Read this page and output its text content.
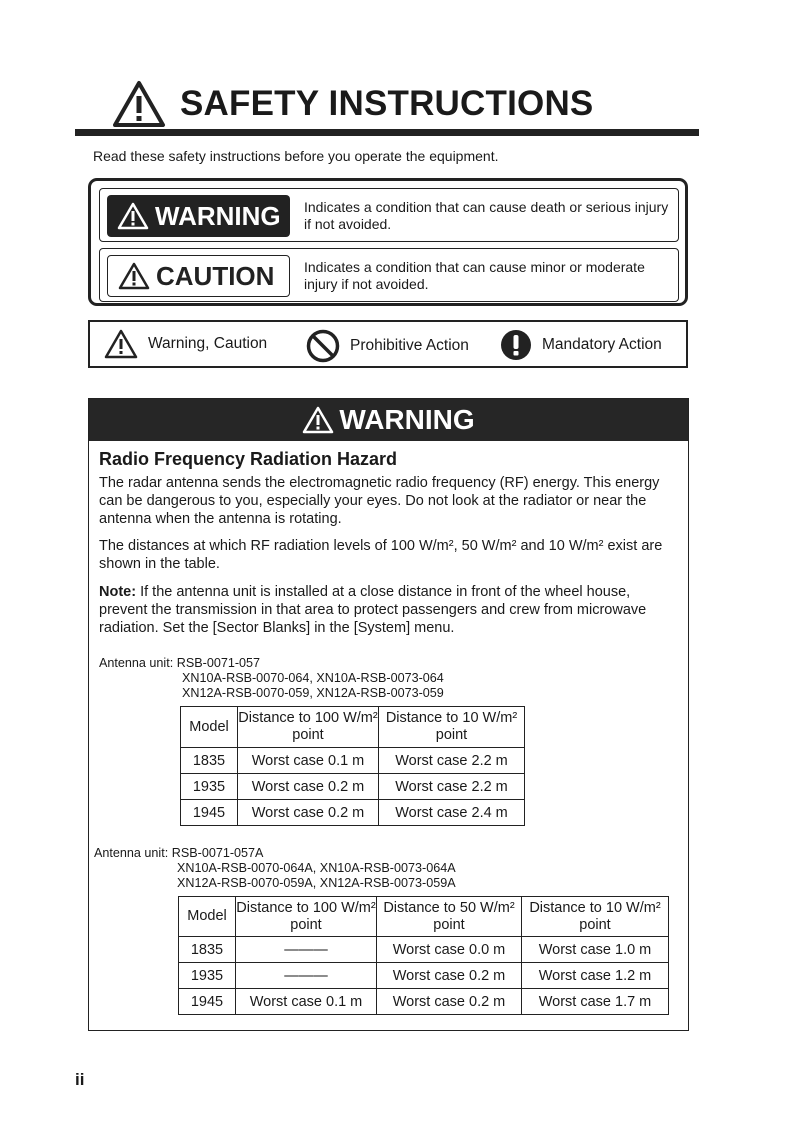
SAFETY INSTRUCTIONS
Read these safety instructions before you operate the equipment.
WARNING Indicates a condition that can cause death or serious injury if not avoided.
CAUTION Indicates a condition that can cause minor or moderate injury if not avoided.
Warning, Caution	Prohibitive Action	Mandatory Action
WARNING
Radio Frequency Radiation Hazard
The radar antenna sends the electromagnetic radio frequency (RF) energy. This energy can be dangerous to you, especially your eyes. Do not look at the radiator or near the antenna when the antenna is rotating.
The distances at which RF radiation levels of 100 W/m², 50 W/m² and 10 W/m² exist are shown in the table.
Note: If the antenna unit is installed at a close distance in front of the wheel house, prevent the transmission in that area to protect passengers and crew from microwave radiation. Set the [Sector Blanks] in the [System] menu.
Antenna unit: RSB-0071-057
XN10A-RSB-0070-064, XN10A-RSB-0073-064
XN12A-RSB-0070-059, XN12A-RSB-0073-059
Model	Distance to 100 W/m² point	Distance to 10 W/m² point
1835	Worst case 0.1 m	Worst case 2.2 m
1935	Worst case 0.2 m	Worst case 2.2 m
1945	Worst case 0.2 m	Worst case 2.4 m
Antenna unit: RSB-0071-057A
XN10A-RSB-0070-064A, XN10A-RSB-0073-064A
XN12A-RSB-0070-059A, XN12A-RSB-0073-059A
Model	Distance to 100 W/m² point	Distance to 50 W/m² point	Distance to 10 W/m² point
1835	———	Worst case 0.0 m	Worst case 1.0 m
1935	———	Worst case 0.2 m	Worst case 1.2 m
1945	Worst case 0.1 m	Worst case 0.2 m	Worst case 1.7 m
ii
